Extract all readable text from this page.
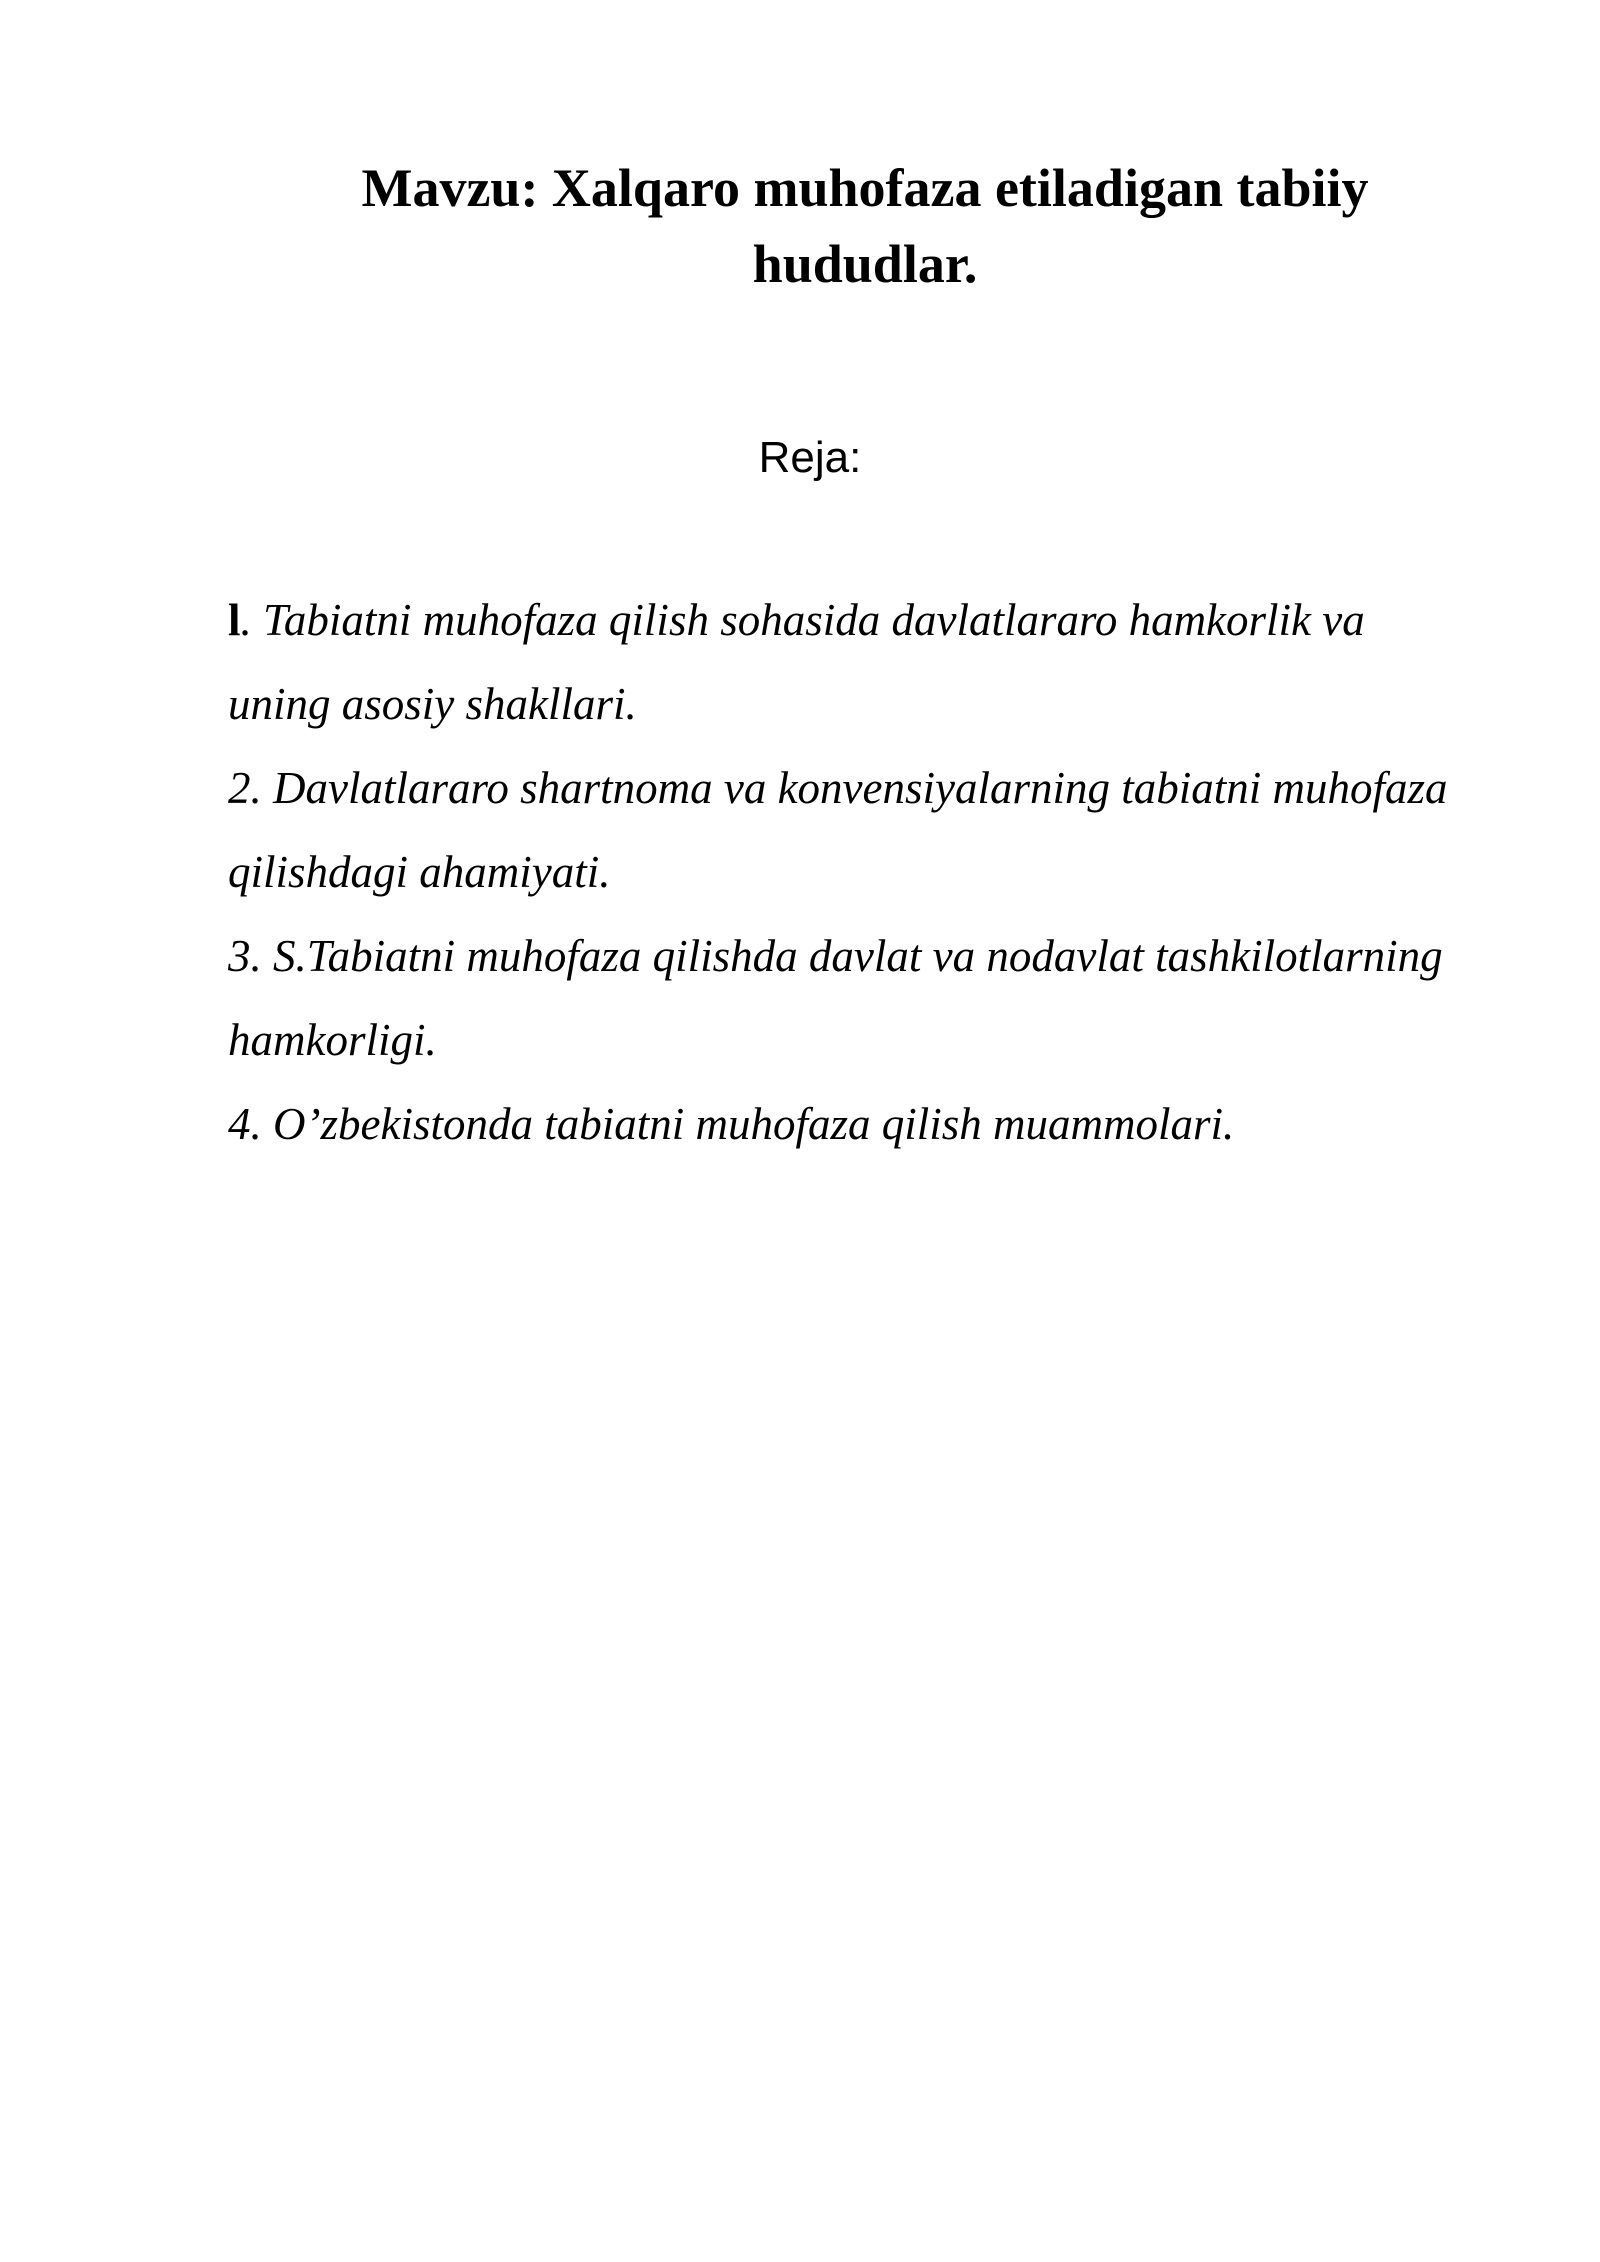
Mavzu: Xalqaro muhofaza etiladigan tabiiy hududlar.
Reja:
l. Tabiatni muhofaza qilish sohasida davlatlararo hamkorlik va uning asosiy shakllari.
2. Davlatlararo shartnoma va konvensiyalarning tabiatni muhofaza qilishdagi ahamiyati.
3. S.Tabiatni muhofaza qilishda davlat va nodavlat tashkilotlarning hamkorligi.
4. O’zbekistonda tabiatni muhofaza qilish muammolari.
